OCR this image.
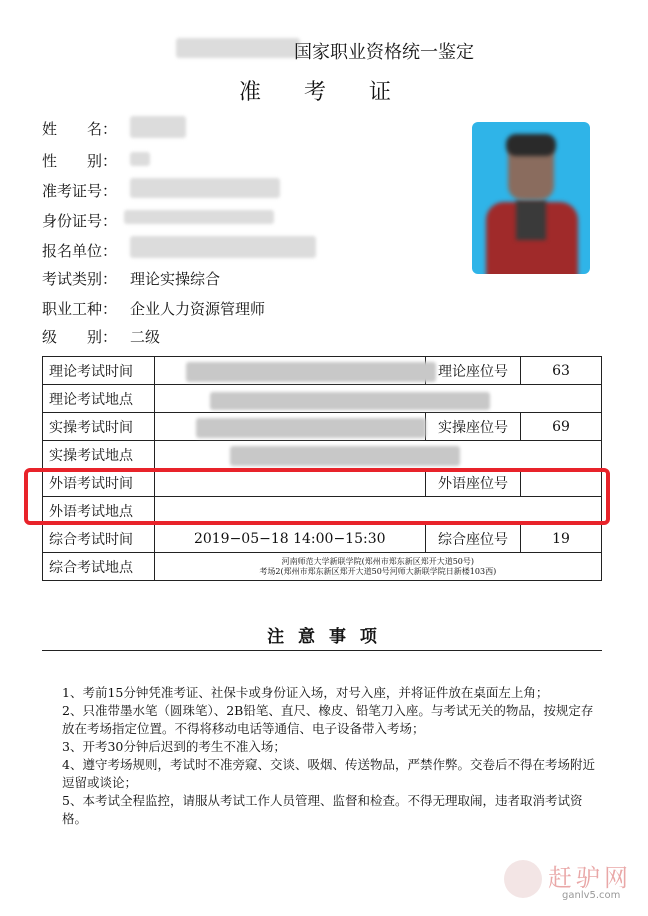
国家职业资格统一鉴定
准 考 证
姓　　名：
性　　别：
准考证号：
身份证号：
报名单位：
考试类别： 理论实操综合
职业工种： 企业人力资源管理师
级　　别： 二级
理论考试时间		理论座位号	63
理论考试地点			
实操考试时间		实操座位号	69
实操考试地点			
外语考试时间		外语座位号	
外语考试地点			
综合考试时间	2019−05−18 14:00−15:30	综合座位号	19
综合考试地点	河南师范大学新联学院(郑州市郑东新区郑开大道50号)
考场2(郑州市郑东新区郑开大道50号河师大新联学院日新楼103西)		
注 意 事 项

1、考前15分钟凭准考证、社保卡或身份证入场，对号入座，并将证件放在桌面左上角；

2、只准带墨水笔（圆珠笔）、2B铅笔、直尺、橡皮、铅笔刀入座。与考试无关的物品，按规定存放在考场指定位置。不得将移动电话等通信、电子设备带入考场；

3、开考30分钟后迟到的考生不准入场；

4、遵守考场规则，考试时不准旁窥、交谈、吸烟、传送物品，严禁作弊。交卷后不得在考场附近逗留或谈论；

5、本考试全程监控，请服从考试工作人员管理、监督和检查。不得无理取闹，违者取消考试资格。

赶驴网
ganlv5.com
